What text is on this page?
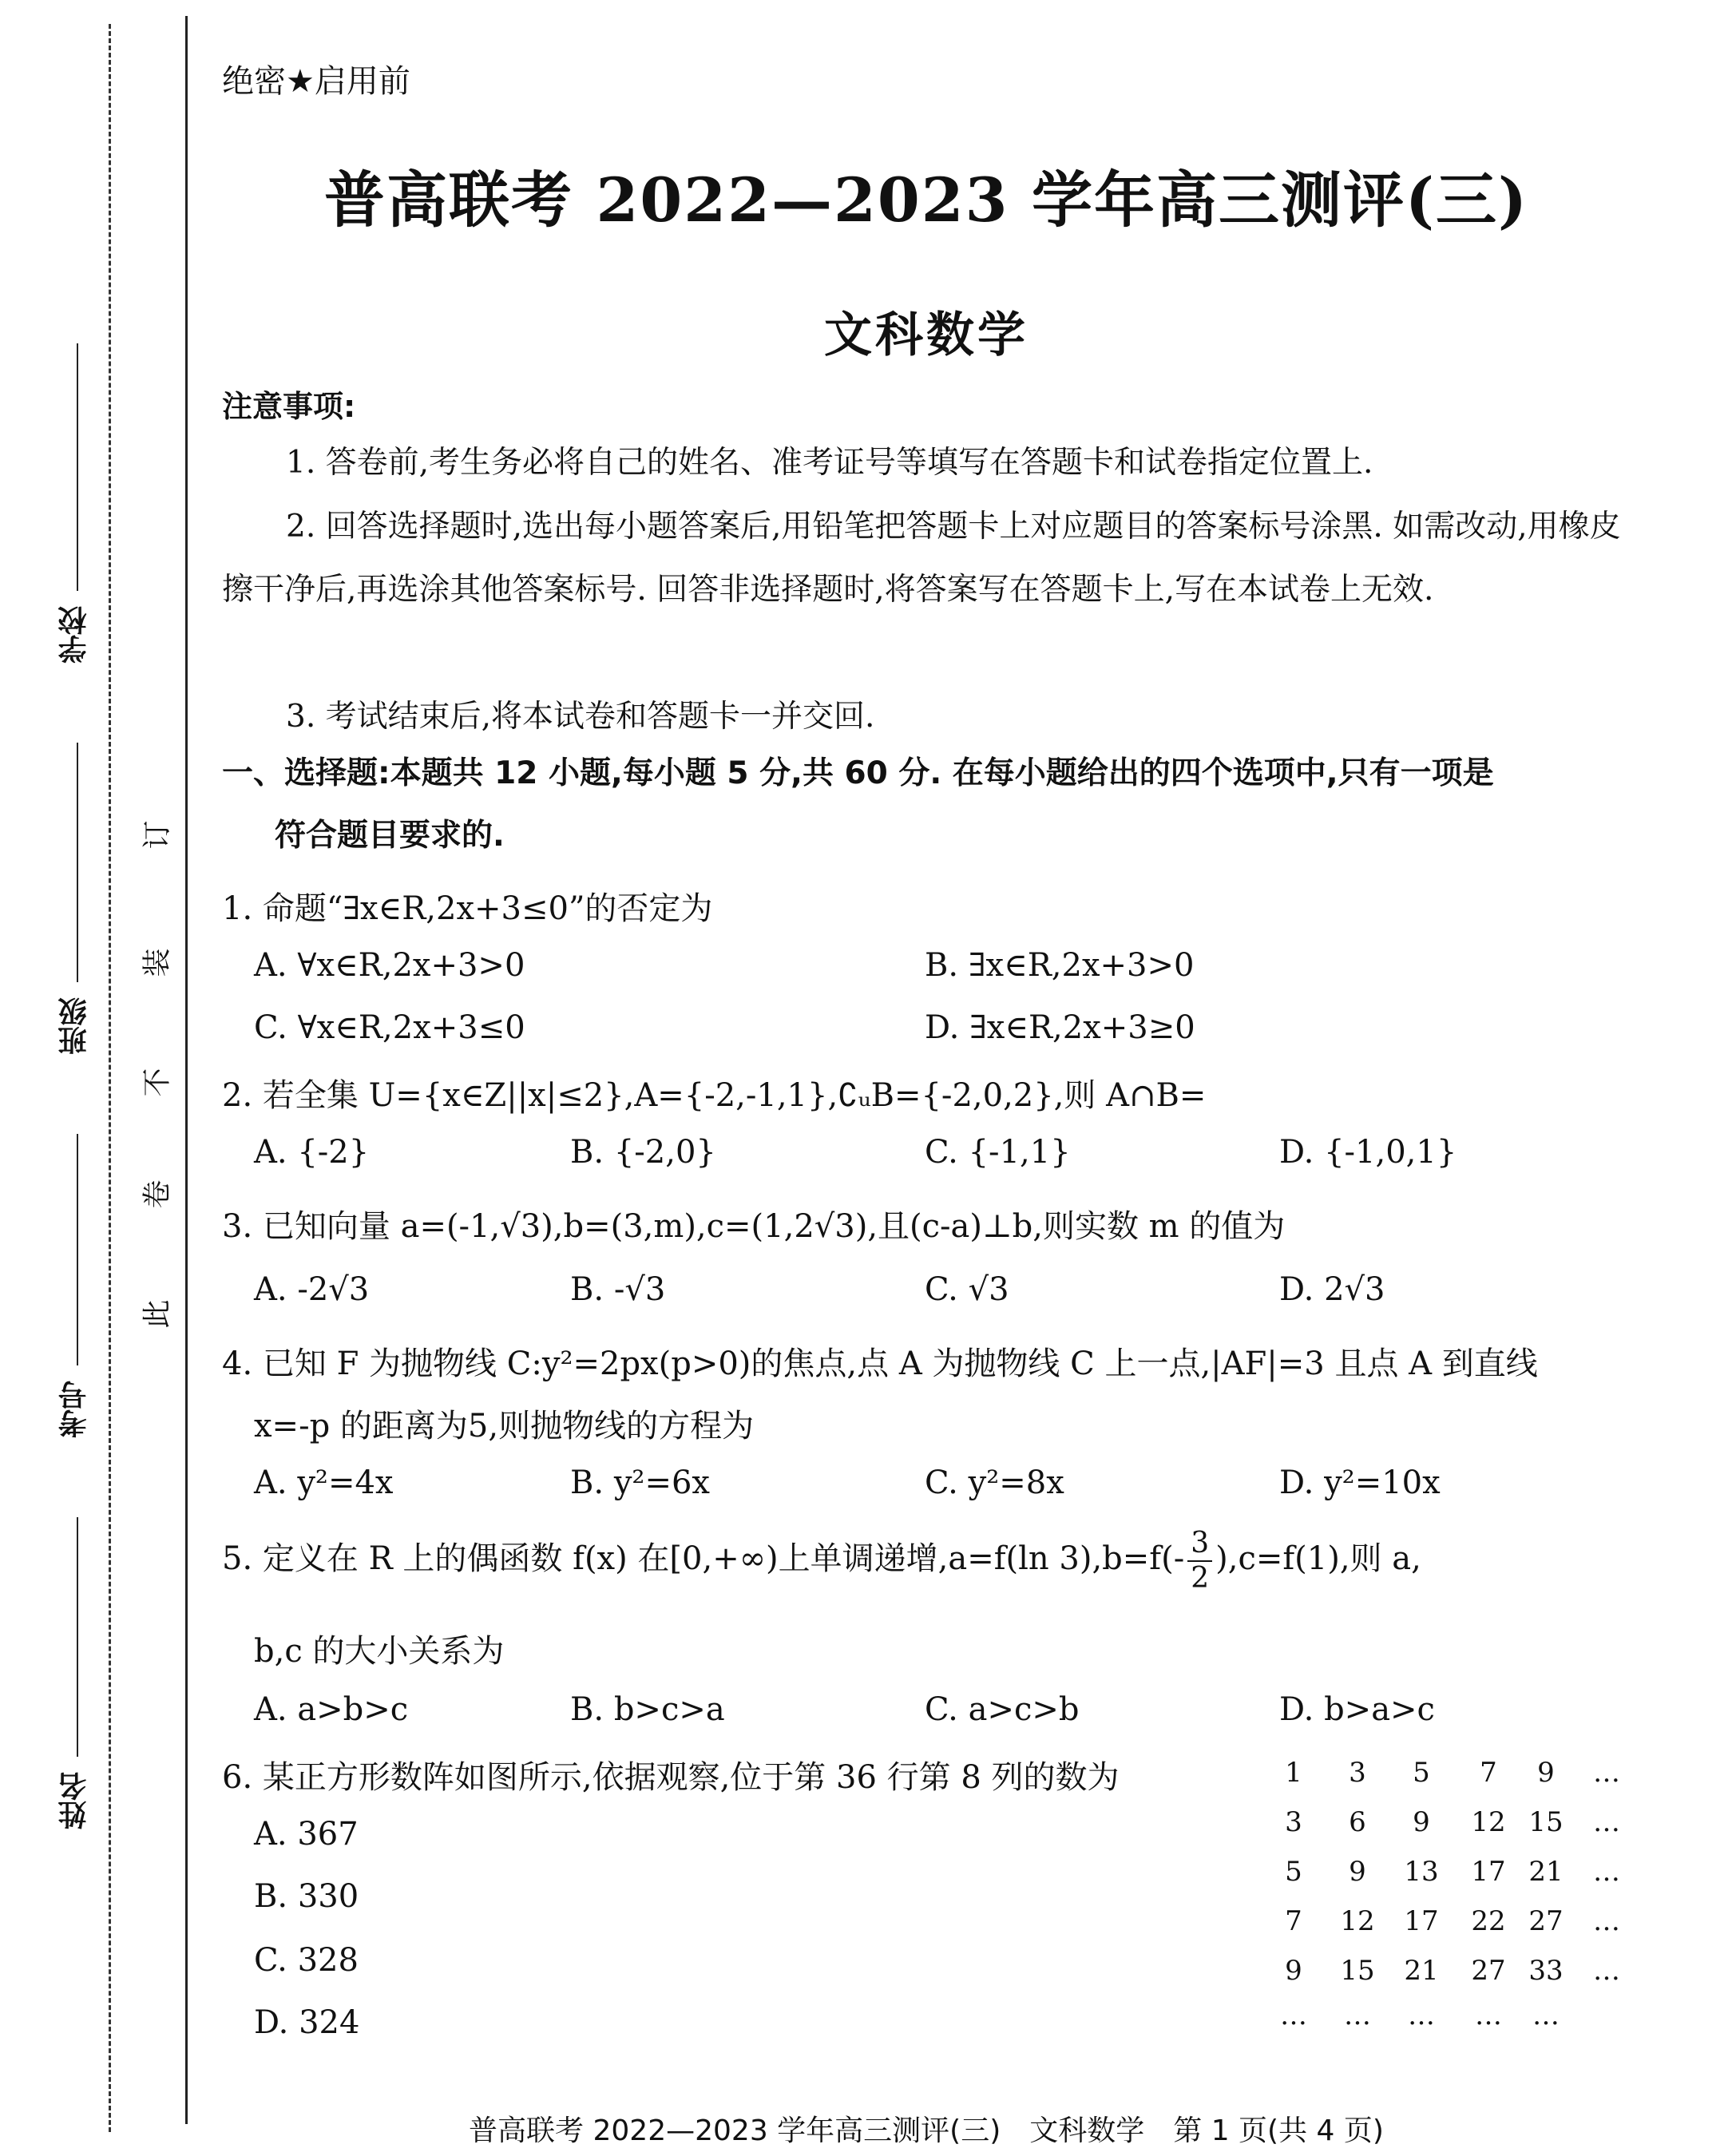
学校
班级
考号
姓名
订
装
不
卷
此
绝密★启用前
普高联考 2022—2023 学年高三测评(三)
文科数学
注意事项:

1. 答卷前,考生务必将自己的姓名、准考证号等填写在答题卡和试卷指定位置上.

2. 回答选择题时,选出每小题答案后,用铅笔把答题卡上对应题目的答案标号涂黑. 如需改动,用橡皮擦干净后,再选涂其他答案标号. 回答非选择题时,将答案写在答题卡上,写在本试卷上无效.

3. 考试结束后,将本试卷和答题卡一并交回.

一、选择题:本题共 12 小题,每小题 5 分,共 60 分. 在每小题给出的四个选项中,只有一项是
符合题目要求的.
1. 命题“∃x∈R,2x+3≤0”的否定为
A. ∀x∈R,2x+3>0	B. ∃x∈R,2x+3>0
C. ∀x∈R,2x+3≤0	D. ∃x∈R,2x+3≥0
2. 若全集 U={x∈Z||x|≤2},A={-2,-1,1},∁ᵤB={-2,0,2},则 A∩B=
A. {-2}	B. {-2,0}	C. {-1,1}	D. {-1,0,1}
3. 已知向量 a=(-1,√3),b=(3,m),c=(1,2√3),且(c-a)⊥b,则实数 m 的值为
A. -2√3	B. -√3	C. √3	D. 2√3
4. 已知 F 为抛物线 C:y²=2px(p>0)的焦点,点 A 为抛物线 C 上一点,|AF|=3 且点 A 到直线
x=-p 的距离为5,则抛物线的方程为
A. y²=4x	B. y²=6x	C. y²=8x	D. y²=10x
5. 定义在 R 上的偶函数 f(x) 在[0,+∞)上单调递增,a=f(ln $3),b=f(- \frac{3}{2} ),c=f(1)$,则 a,
b,c 的大小关系为
A. a>b>c	B. b>c>a	C. a>c>b	D. b>a>c
6. 某正方形数阵如图所示,依据观察,位于第 36 行第 8 列的数为
A. 367
B. 330
C. 328
D. 324
1	3	5	7	9	…
3	6	9	12 15	…
5	9	13 17 21	…
7	12 17 22 27	…
9	15 21 27 33	…
…	…	…	…	…
普高联考 2022—2023 学年高三测评(三)　文科数学　第 1 页(共 4 页)
